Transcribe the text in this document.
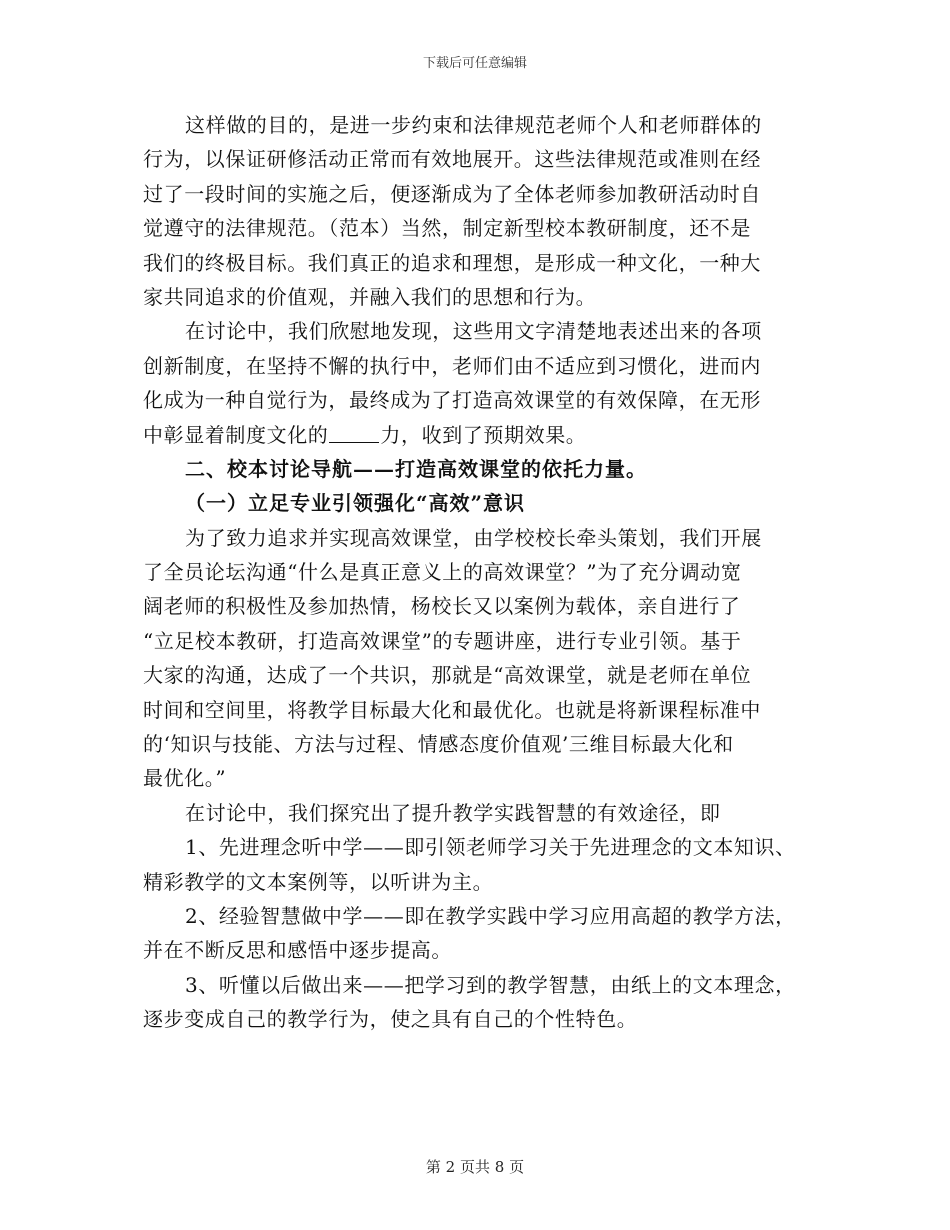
下载后可任意编辑
这样做的目的，是进一步约束和法律规范老师个人和老师群体的
行为，以保证研修活动正常而有效地展开。这些法律规范或准则在经
过了一段时间的实施之后，便逐渐成为了全体老师参加教研活动时自
觉遵守的法律规范。（范本）当然，制定新型校本教研制度，还不是
我们的终极目标。我们真正的追求和理想，是形成一种文化，一种大
家共同追求的价值观，并融入我们的思想和行为。
在讨论中，我们欣慰地发现，这些用文字清楚地表述出来的各项
创新制度，在坚持不懈的执行中，老师们由不适应到习惯化，进而内
化成为一种自觉行为，最终成为了打造高效课堂的有效保障，在无形
中彰显着制度文化的	力，收到了预期效果。
二、校本讨论导航——打造高效课堂的依托力量。
（一）立足专业引领强化“高效”意识
为了致力追求并实现高效课堂，由学校校长牵头策划，我们开展
了全员论坛沟通“什么是真正意义上的高效课堂？”为了充分调动宽
阔老师的积极性及参加热情，杨校长又以案例为载体，亲自进行了
“立足校本教研，打造高效课堂”的专题讲座，进行专业引领。基于
大家的沟通，达成了一个共识，那就是“高效课堂，就是老师在单位
时间和空间里，将教学目标最大化和最优化。也就是将新课程标准中
的‘知识与技能、方法与过程、情感态度价值观’三维目标最大化和
最优化。”
在讨论中，我们探究出了提升教学实践智慧的有效途径，即
1、先进理念听中学——即引领老师学习关于先进理念的文本知识、
精彩教学的文本案例等，以听讲为主。
2、经验智慧做中学——即在教学实践中学习应用高超的教学方法，
并在不断反思和感悟中逐步提高。
3、听懂以后做出来——把学习到的教学智慧，由纸上的文本理念，
逐步变成自己的教学行为，使之具有自己的个性特色。
第 2 页共 8 页
